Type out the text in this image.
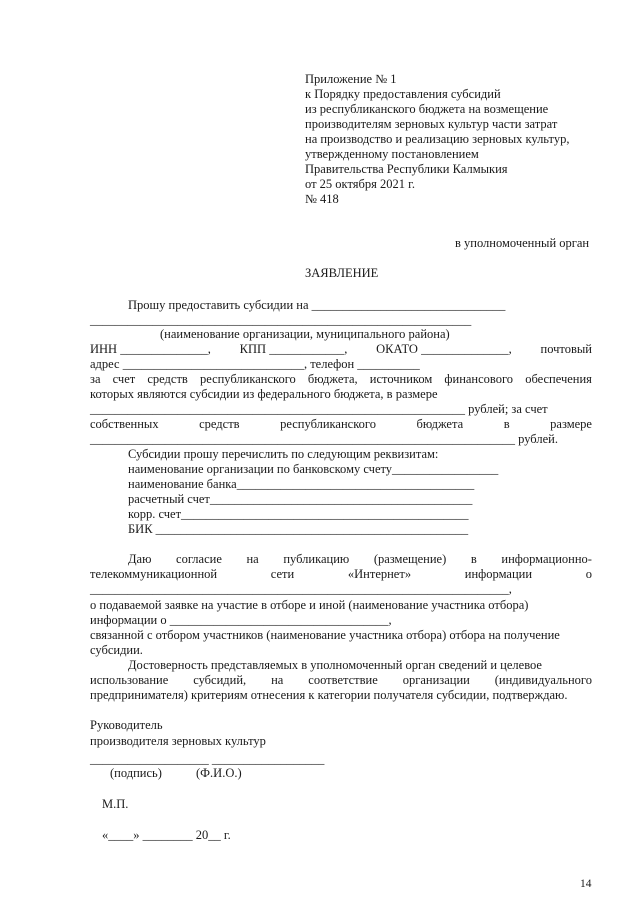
Приложение № 1
к Порядку предоставления субсидий
из республиканского бюджета на возмещение
производителям зерновых культур части затрат
на производство и реализацию зерновых культур,
утвержденному постановлением
Правительства Республики Калмыкия
от 25 октября 2021 г.
№ 418
в уполномоченный орган
ЗАЯВЛЕНИЕ
Прошу предоставить субсидии на _______________________________
_____________________________________________________________
(наименование организации, муниципального района)
ИНН ______________, КПП ____________, ОКАТО ______________, почтовый
адрес _____________________________, телефон __________
за счет средств республиканского бюджета, источником финансового обеспечения
которых являются субсидии из федерального бюджета, в размере
____________________________________________________________ рублей; за счет
собственных	средств	республиканского	бюджета	в	размере
____________________________________________________________________ рублей.
Субсидии прошу перечислить по следующим реквизитам:
наименование организации по банковскому счету_________________
наименование банка______________________________________
расчетный счет__________________________________________
корр. счет______________________________________________
БИК __________________________________________________
Даю согласие на публикацию (размещение) в информационно-
телекоммуникационной	сети	«Интернет»	информации	о
___________________________________________________________________,
о подаваемой заявке на участие в отборе и иной (наименование участника отбора)
информации о ___________________________________,
связанной с отбором участников (наименование участника отбора) отбора на получение
субсидии.
Достоверность представляемых в уполномоченный орган сведений и целевое
использование субсидий, на соответствие организации (индивидуального
предпринимателя) критериям отнесения к категории получателя субсидии, подтверждаю.
Руководитель
производителя зерновых культур
___________________ __________________
(подпись)	(Ф.И.О.)
М.П.
«____» ________ 20__ г.
14
